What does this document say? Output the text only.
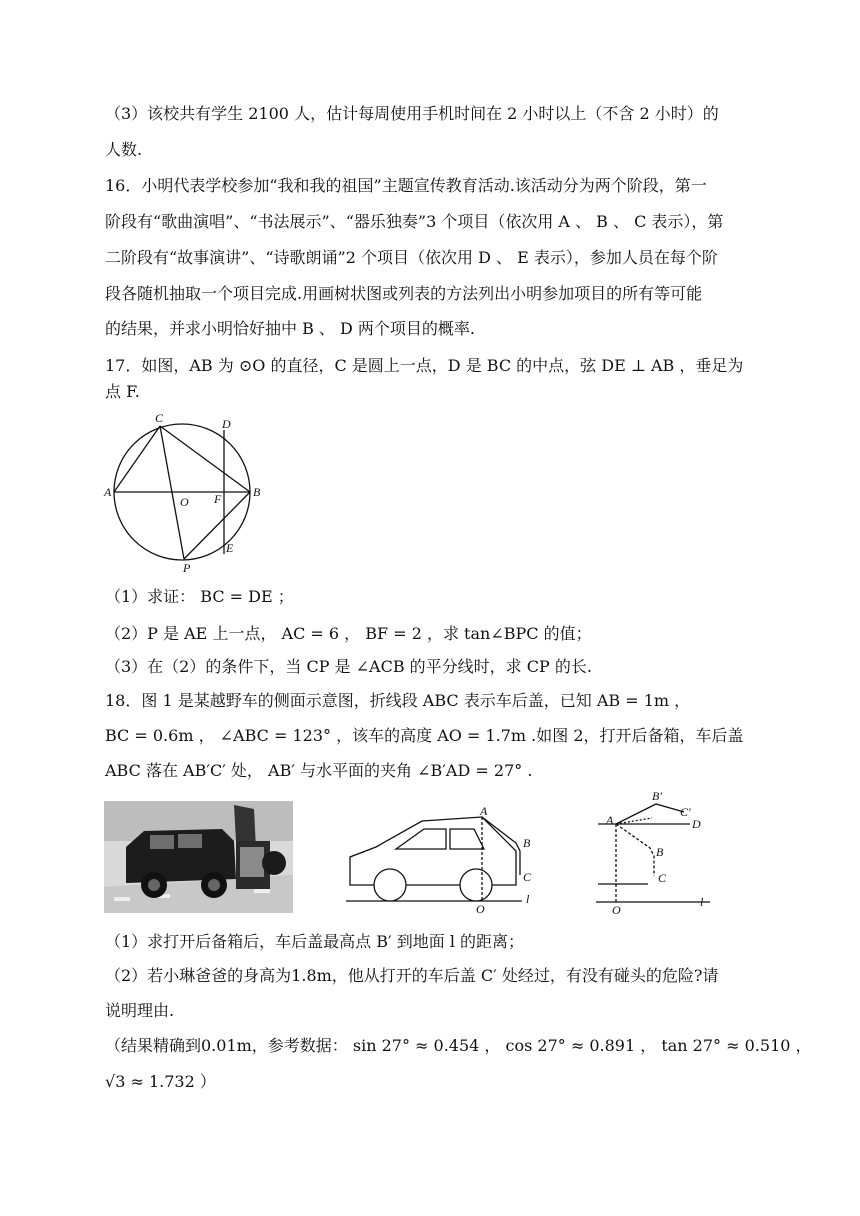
（3）该校共有学生 2100 人，估计每周使用手机时间在 2 小时以上（不含 2 小时）的
人数.
16．小明代表学校参加“我和我的祖国”主题宣传教育活动.该活动分为两个阶段，第一
阶段有“歌曲演唱”、“书法展示”、“器乐独奏”3 个项目（依次用 A 、 B 、 C 表示），第
二阶段有“故事演讲”、“诗歌朗诵”2 个项目（依次用 D 、 E 表示），参加人员在每个阶
段各随机抽取一个项目完成.用画树状图或列表的方法列出小明参加项目的所有等可能
的结果，并求小明恰好抽中 B 、 D 两个项目的概率.
17．如图，AB 为 ⊙O 的直径，C 是圆上一点，D 是 BC 的中点，弦 DE ⊥ AB ，垂足为
点 F.
C	D
A
O F	B
E
P
（1）求证： BC = DE ；
（2）P 是 AE 上一点， AC = 6 ， BF = 2 ，求 tan∠BPC 的值；
（3）在（2）的条件下，当 CP 是 ∠ACB 的平分线时，求 CP 的长.
18．图 1 是某越野车的侧面示意图，折线段 ABC 表示车后盖，已知 AB = 1m ，
BC = 0.6m ， ∠ABC = 123° ，该车的高度 AO = 1.7m .如图 2，打开后备箱，车后盖
ABC 落在 AB′C′ 处， AB′ 与水平面的夹角 ∠B′AD = 27° .
A
B
C
O
l
B′
C′
A	D
B
C
O
l
（1）求打开后备箱后，车后盖最高点 B′ 到地面 l 的距离；
（2）若小琳爸爸的身高为1.8m，他从打开的车后盖 C′ 处经过，有没有碰头的危险?请
说明理由.
（结果精确到0.01m，参考数据： sin 27° ≈ 0.454 ， cos 27° ≈ 0.891 ， tan 27° ≈ 0.510 ，
√3 ≈ 1.732 ）
